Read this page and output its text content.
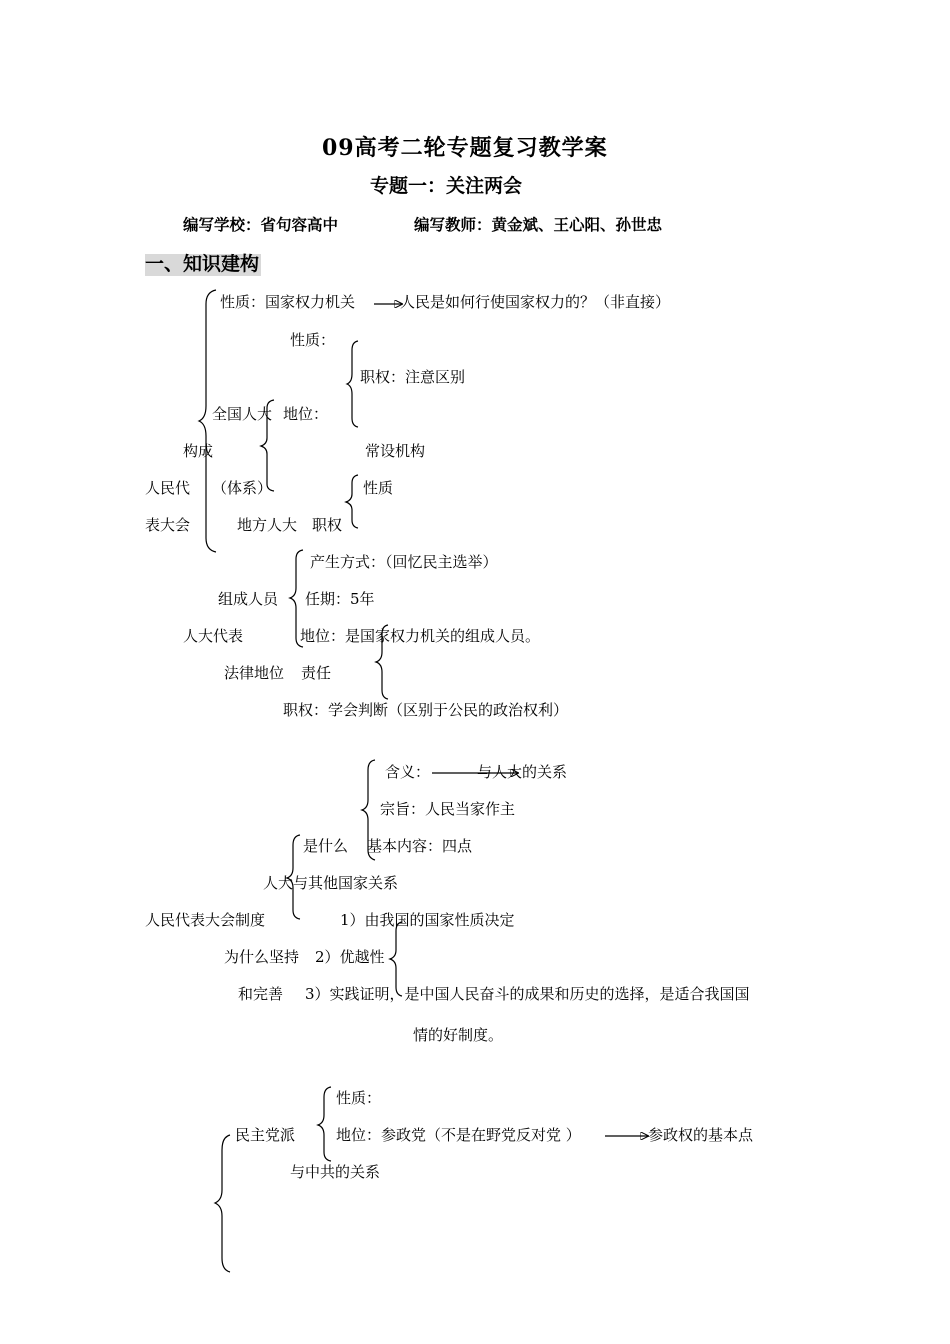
09高考二轮专题复习教学案
专题一：关注两会
编写学校：省句容高中	编写教师：黄金斌、王心阳、孙世忠
一、知识建构
性质：国家权力机关	人民是如何行使国家权力的？（非直接）
性质：
职权：注意区别
全国人大 地位：
构成	常设机构
人民代 （体系）	性质
表大会	地方人大 职权
产生方式：（回忆民主选举）
组成人员 任期：5年
人大代表	地位：是国家权力机关的组成人员。
法律地位 责任
职权：学会判断（区别于公民的政治权利）
含义：	与人大的关系
宗旨：人民当家作主
是什么 基本内容：四点
人大与其他国家关系
人民代表大会制度	1）由我国的国家性质决定
为什么坚持 2）优越性
和完善 3）实践证明，是中国人民奋斗的成果和历史的选择，是适合我国国
情的好制度。
性质：
民主党派	地位：参政党（不是在野党反对党 ）	参政权的基本点
与中共的关系
